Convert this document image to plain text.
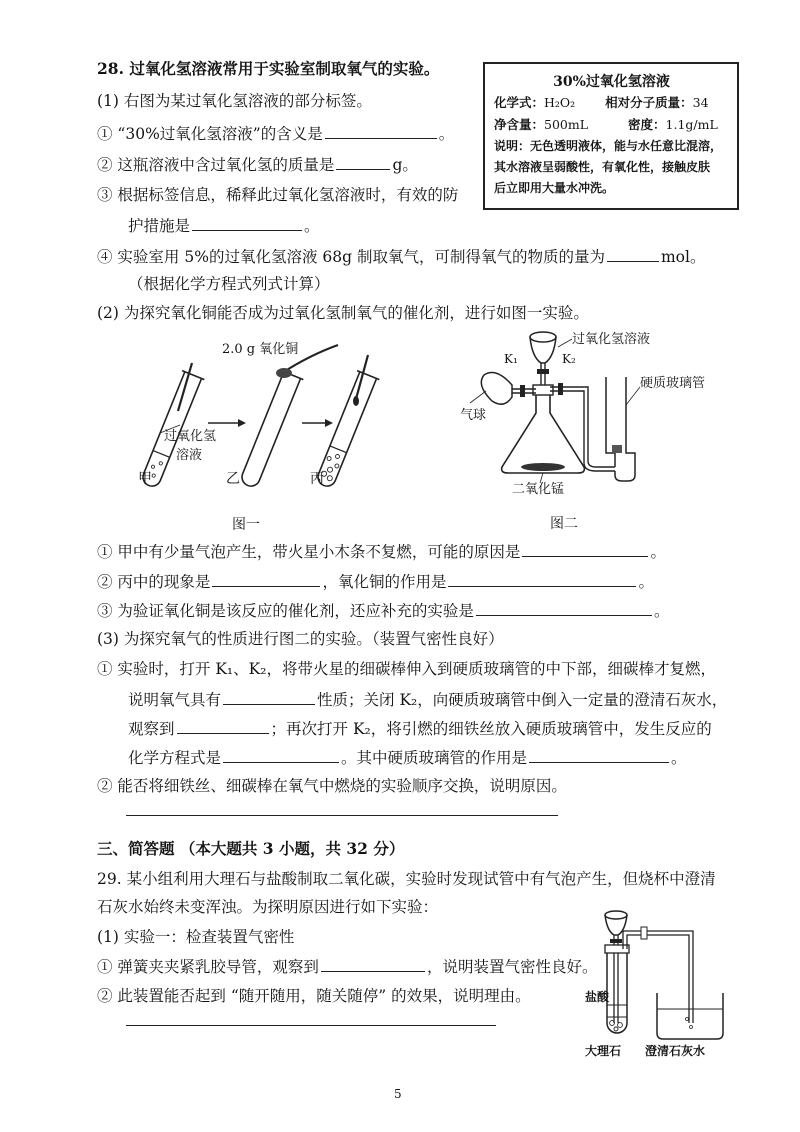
28. 过氧化氢溶液常用于实验室制取氧气的实验。
(1) 右图为某过氧化氢溶液的部分标签。
① “30%过氧化氢溶液”的含义是	。
② 这瓶溶液中含过氧化氢的质量是	g。
③ 根据标签信息，稀释此过氧化氢溶液时，有效的防
护措施是	。
④ 实验室用 5%的过氧化氢溶液 68g 制取氧气，可制得氧气的物质的量为	mol。
（根据化学方程式列式计算）
30%过氧化氢溶液
化学式：H₂O₂ 相对分子质量：34
净含量：500mL	密度：1.1g/mL
说明：无色透明液体，能与水任意比混溶，
其水溶液呈弱酸性，有氧化性，接触皮肤
后立即用大量水冲洗。
(2) 为探究氧化铜能否成为过氧化氢制氧气的催化剂，进行如图一实验。
2.0 g 氧化铜
过氧化氢
溶液
甲	乙	丙
图一
过氧化氢溶液
K₁	K₂
气球
硬质玻璃管
二氧化锰
图二
① 甲中有少量气泡产生，带火星小木条不复燃，可能的原因是	。
② 丙中的现象是	，氧化铜的作用是	。
③ 为验证氧化铜是该反应的催化剂，还应补充的实验是	。
(3) 为探究氧气的性质进行图二的实验。（装置气密性良好）
① 实验时，打开 K₁、K₂，将带火星的细碳棒伸入到硬质玻璃管的中下部，细碳棒才复燃，
说明氧气具有	性质；关闭 K₂，向硬质玻璃管中倒入一定量的澄清石灰水，
观察到	；再次打开 K₂，将引燃的细铁丝放入硬质玻璃管中，发生反应的
化学方程式是	。其中硬质玻璃管的作用是	。
② 能否将细铁丝、细碳棒在氧气中燃烧的实验顺序交换，说明原因。
三、简答题 （本大题共 3 小题，共 32 分）
29. 某小组利用大理石与盐酸制取二氧化碳，实验时发现试管中有气泡产生，但烧杯中澄清
石灰水始终未变浑浊。为探明原因进行如下实验：
(1) 实验一：检查装置气密性
① 弹簧夹夹紧乳胶导管，观察到	，说明装置气密性良好。
② 此装置能否起到 “随开随用，随关随停” 的效果，说明理由。	盐酸
大理石 澄清石灰水
5
